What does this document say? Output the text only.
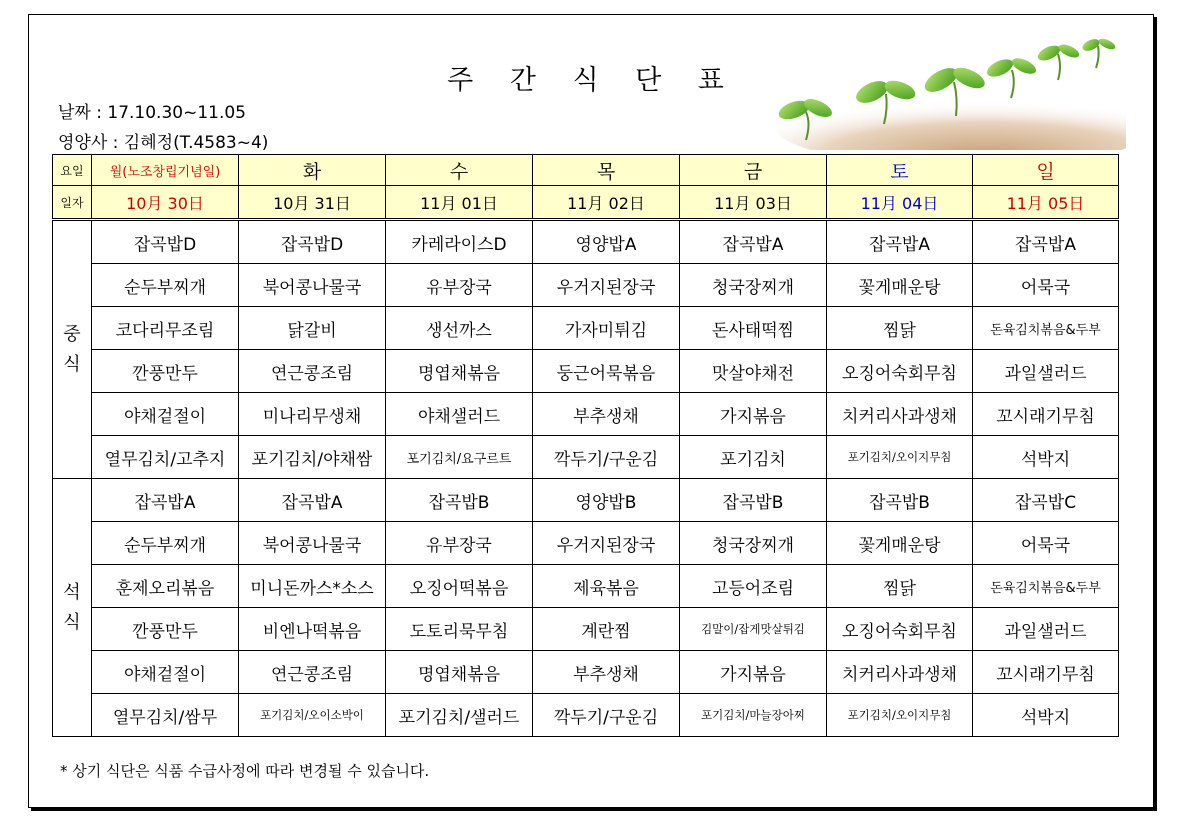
주 간 식 단 표
날짜 : 17.10.30~11.05
영양사 : 김혜정(T.4583~4)
요일	월(노조창립기념일)	화	수	목	금	토	일
일자	10月 30日	10月 31日	11月 01日	11月 02日	11月 03日	11月 04日	11月 05日

중
식	잡곡밥D	잡곡밥D	카레라이스D	영양밥A	잡곡밥A	잡곡밥A	잡곡밥A
	순두부찌개	북어콩나물국	유부장국	우거지된장국	청국장찌개	꽃게매운탕	어묵국
	코다리무조림	닭갈비	생선까스	가자미튀김	돈사태떡찜	찜닭	돈육김치볶음&두부
	깐풍만두	연근콩조림	명엽채볶음	둥근어묵볶음	맛살야채전	오징어숙회무침	과일샐러드
	야채겉절이	미나리무생채	야채샐러드	부추생채	가지볶음	치커리사과생채	꼬시래기무침
	열무김치/고추지	포기김치/야채쌈	포기김치/요구르트	깍두기/구운김	포기김치	포기김치/오이지무침	석박지
석
식	잡곡밥A	잡곡밥A	잡곡밥B	영양밥B	잡곡밥B	잡곡밥B	잡곡밥C
	순두부찌개	북어콩나물국	유부장국	우거지된장국	청국장찌개	꽃게매운탕	어묵국
	훈제오리볶음	미니돈까스*소스	오징어떡볶음	제육볶음	고등어조림	찜닭	돈육김치볶음&두부
	깐풍만두	비엔나떡볶음	도토리묵무침	계란찜	김말이/잡게맛살튀김	오징어숙회무침	과일샐러드
	야채겉절이	연근콩조림	명엽채볶음	부추생채	가지볶음	치커리사과생채	꼬시래기무침
	열무김치/쌈무	포기김치/오이소박이	포기김치/샐러드	깍두기/구운김	포기김치/마늘장아찌	포기김치/오이지무침	석박지
* 상기 식단은 식품 수급사정에 따라 변경될 수 있습니다.
